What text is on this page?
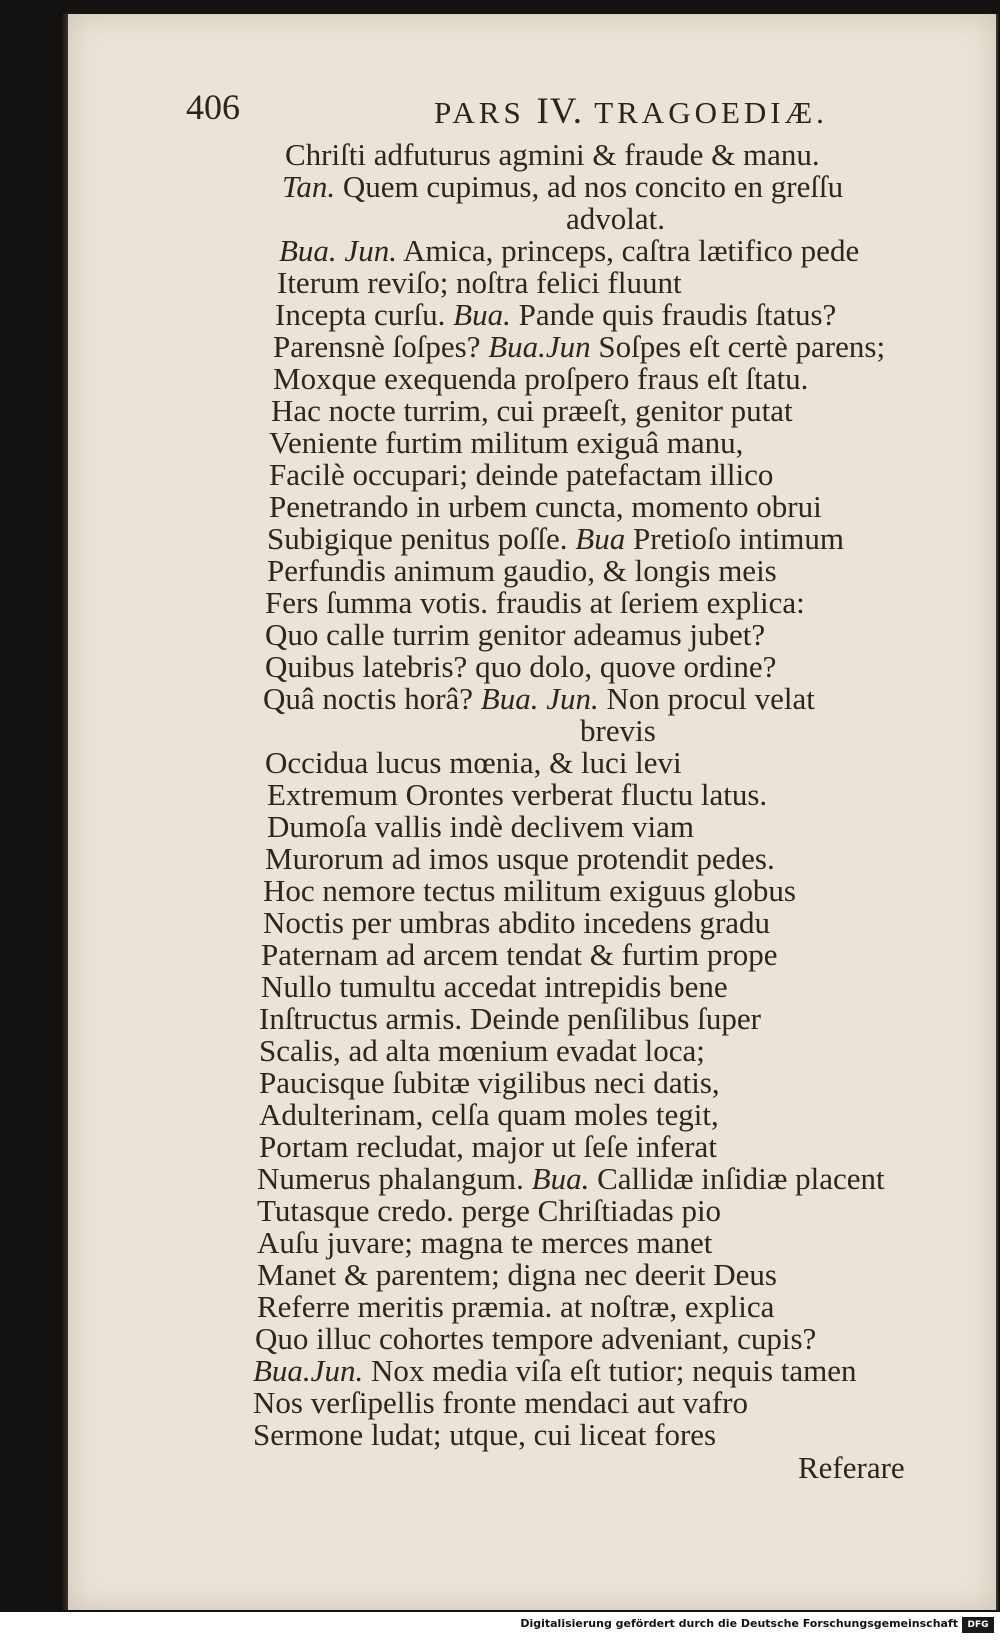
406	PARS IV. TRAGOEDIÆ.
Chriſti adfuturus agmini & fraude & manu.
Tan. Quem cupimus, ad nos concito en greſſu
advolat.
Bua. Jun. Amica, princeps, caſtra lætifico pede
Iterum reviſo; noſtra felici fluunt
Incepta curſu. Bua. Pande quis fraudis ſtatus?
Parensnè ſoſpes? Bua.Jun Soſpes eſt certè parens;
Moxque exequenda proſpero fraus eſt ſtatu.
Hac nocte turrim, cui præeſt, genitor putat
Veniente furtim militum exiguâ manu,
Facilè occupari; deinde patefactam illico
Penetrando in urbem cuncta, momento obrui
Subigique penitus poſſe. Bua Pretioſo intimum
Perfundis animum gaudio, & longis meis
Fers ſumma votis. fraudis at ſeriem explica:
Quo calle turrim genitor adeamus jubet?
Quibus latebris? quo dolo, quove ordine?
Quâ noctis horâ? Bua. Jun. Non procul velat
brevis
Occidua lucus mœnia, & luci levi
Extremum Orontes verberat fluctu latus.
Dumoſa vallis indè declivem viam
Murorum ad imos usque protendit pedes.
Hoc nemore tectus militum exiguus globus
Noctis per umbras abdito incedens gradu
Paternam ad arcem tendat & furtim prope
Nullo tumultu accedat intrepidis bene
Inſtructus armis. Deinde penſilibus ſuper
Scalis, ad alta mœnium evadat loca;
Paucisque ſubitæ vigilibus neci datis,
Adulterinam, celſa quam moles tegit,
Portam recludat, major ut ſeſe inferat
Numerus phalangum. Bua. Callidæ inſidiæ placent
Tutasque credo. perge Chriſtiadas pio
Auſu juvare; magna te merces manet
Manet & parentem; digna nec deerit Deus
Referre meritis præmia. at noſtræ, explica
Quo illuc cohortes tempore adveniant, cupis?
Bua.Jun. Nox media viſa eſt tutior; nequis tamen
Nos verſipellis fronte mendaci aut vafro
Sermone ludat; utque, cui liceat fores
Referare
Digitalisierung gefördert durch die Deutsche Forschungsgemeinschaft	DFG
